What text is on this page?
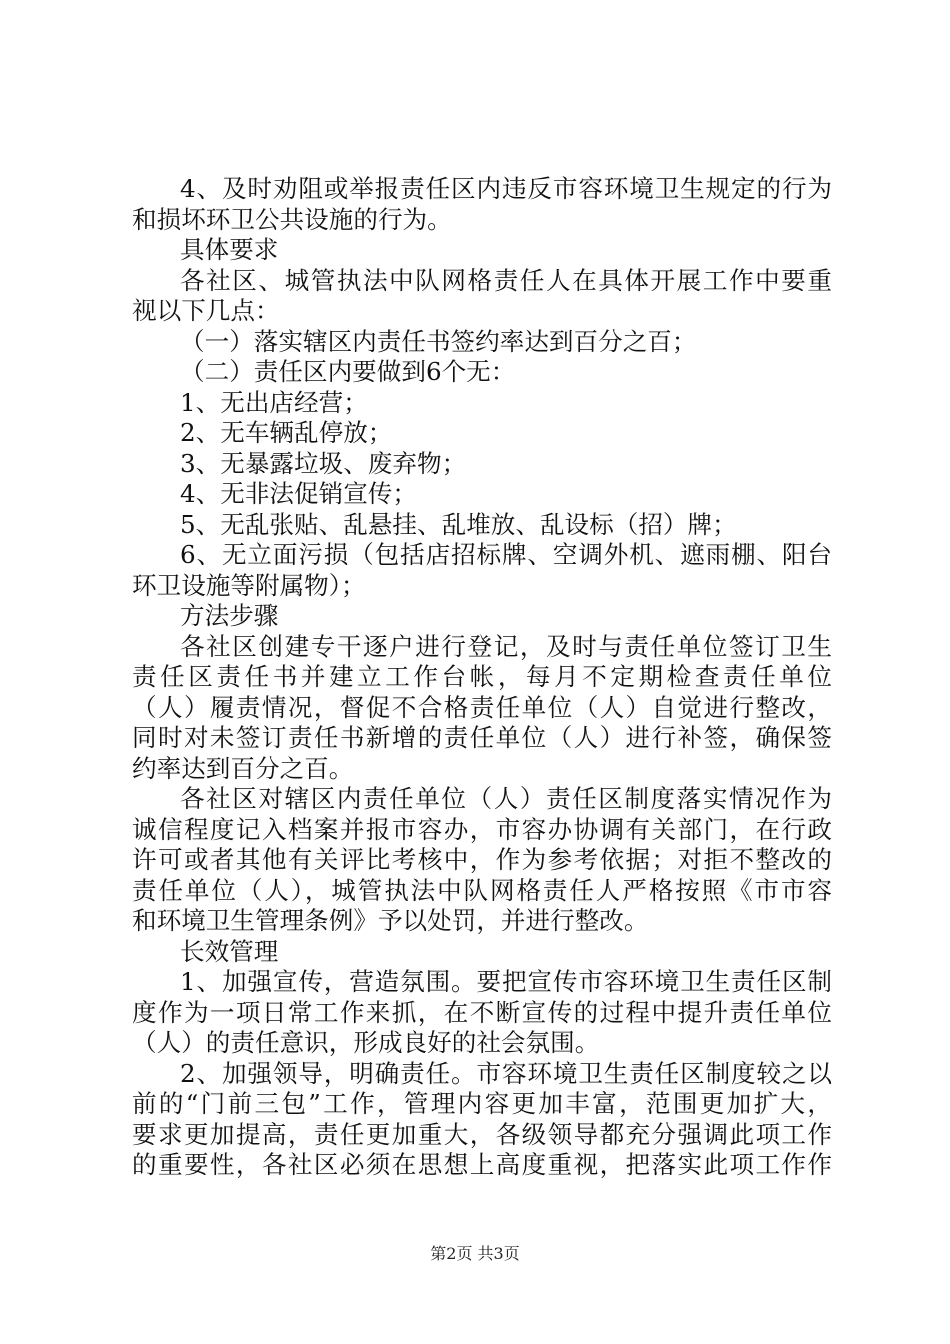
4、及时劝阻或举报责任区内违反市容环境卫生规定的行为
和损坏环卫公共设施的行为。
具体要求
各社区、城管执法中队网格责任人在具体开展工作中要重
视以下几点：
（一）落实辖区内责任书签约率达到百分之百；
（二）责任区内要做到6个无：
1、无出店经营；
2、无车辆乱停放；
3、无暴露垃圾、废弃物；
4、无非法促销宣传；
5、无乱张贴、乱悬挂、乱堆放、乱设标（招）牌；
6、无立面污损（包括店招标牌、空调外机、遮雨棚、阳台
环卫设施等附属物）；
方法步骤
各社区创建专干逐户进行登记，及时与责任单位签订卫生
责任区责任书并建立工作台帐，每月不定期检查责任单位
（人）履责情况，督促不合格责任单位（人）自觉进行整改，
同时对未签订责任书新增的责任单位（人）进行补签，确保签
约率达到百分之百。
各社区对辖区内责任单位（人）责任区制度落实情况作为
诚信程度记入档案并报市容办，市容办协调有关部门，在行政
许可或者其他有关评比考核中，作为参考依据；对拒不整改的
责任单位（人），城管执法中队网格责任人严格按照《市市容
和环境卫生管理条例》予以处罚，并进行整改。
长效管理
1、加强宣传，营造氛围。要把宣传市容环境卫生责任区制
度作为一项日常工作来抓，在不断宣传的过程中提升责任单位
（人）的责任意识，形成良好的社会氛围。
2、加强领导，明确责任。市容环境卫生责任区制度较之以
前的“门前三包”工作，管理内容更加丰富，范围更加扩大，
要求更加提高，责任更加重大，各级领导都充分强调此项工作
的重要性，各社区必须在思想上高度重视，把落实此项工作作
第2页 共3页
